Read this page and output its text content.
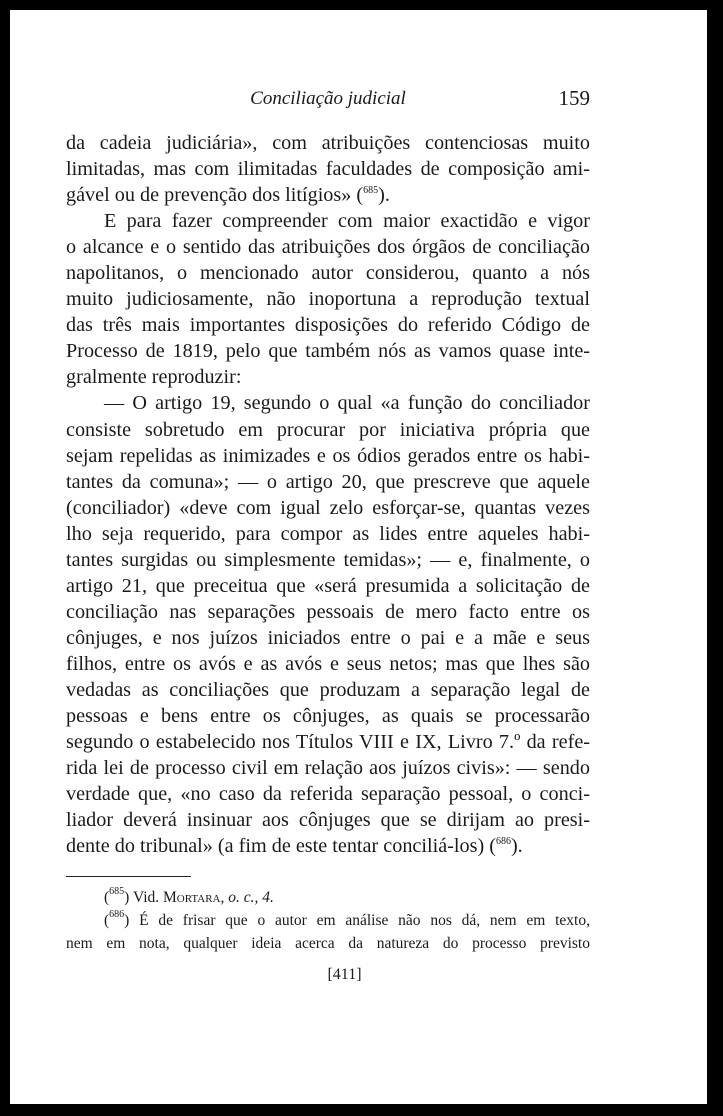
Conciliação judicial	159
da cadeia judiciária», com atribuições contenciosas muito
limitadas, mas com ilimitadas faculdades de composição ami-
gável ou de prevenção dos litígios» ($^{685}$).
E para fazer compreender com maior exactidão e vigor
o alcance e o sentido das atribuições dos órgãos de conciliação
napolitanos, o mencionado autor considerou, quanto a nós
muito judiciosamente, não inoportuna a reprodução textual
das três mais importantes disposições do referido Código de
Processo de 1819, pelo que também nós as vamos quase inte-
gralmente reproduzir:
— O artigo 19, segundo o qual «a função do conciliador
consiste sobretudo em procurar por iniciativa própria que
sejam repelidas as inimizades e os ódios gerados entre os habi-
tantes da comuna»; — o artigo 20, que prescreve que aquele
(conciliador) «deve com igual zelo esforçar-se, quantas vezes
lho seja requerido, para compor as lides entre aqueles habi-
tantes surgidas ou simplesmente temidas»; — e, finalmente, o
artigo 21, que preceitua que «será presumida a solicitação de
conciliação nas separações pessoais de mero facto entre os
cônjuges, e nos juízos iniciados entre o pai e a mãe e seus
filhos, entre os avós e as avós e seus netos; mas que lhes são
vedadas as conciliações que produzam a separação legal de
pessoas e bens entre os cônjuges, as quais se processarão
segundo o estabelecido nos Títulos VIII e IX, Livro 7.º da refe-
rida lei de processo civil em relação aos juízos civis»: — sendo
verdade que, «no caso da referida separação pessoal, o conci-
liador deverá insinuar aos cônjuges que se dirijam ao presi-
dente do tribunal» (a fim de este tentar conciliá-los) ($^{686}$).
($^{685}$) Vid. Mortara, o. c., 4.
($^{686}$) É de frisar que o autor em análise não nos dá, nem em texto,
nem em nota, qualquer ideia acerca da natureza do processo previsto
[411]
